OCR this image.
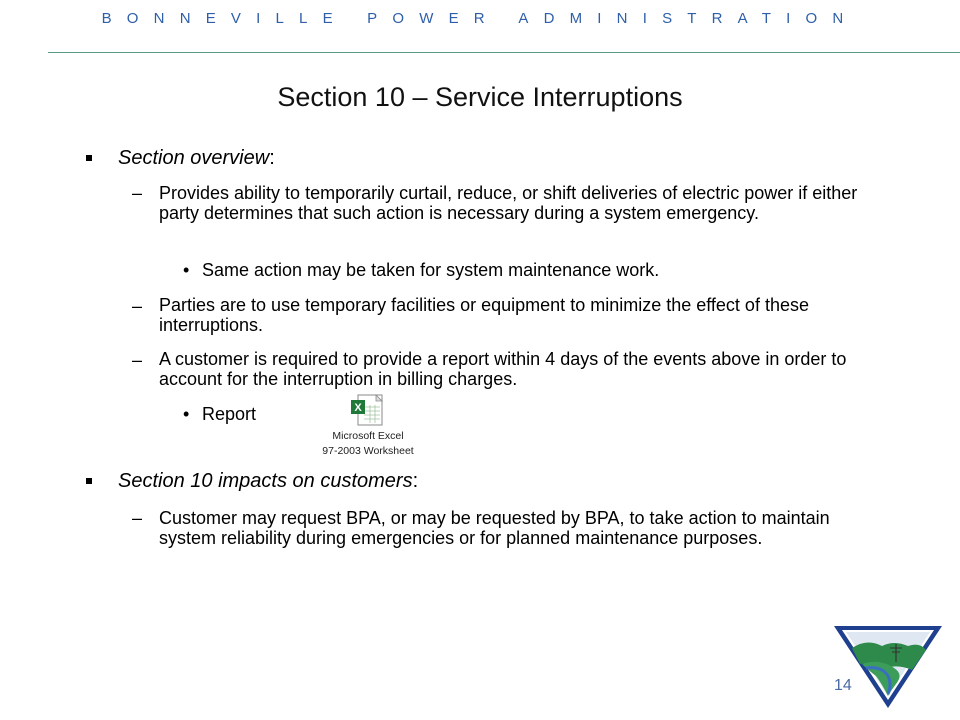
BONNEVILLE POWER ADMINISTRATION
Section 10 – Service Interruptions
Section overview:
– Provides ability to temporarily curtail, reduce, or shift deliveries of electric power if either party determines that such action is necessary during a system emergency.
• Same action may be taken for system maintenance work.
– Parties are to use temporary facilities or equipment to minimize the effect of these interruptions.
– A customer is required to provide a report within 4 days of the events above in order to account for the interruption in billing charges.
• Report	X
Microsoft Excel
97-2003 Worksheet
Section 10 impacts on customers:
– Customer may request BPA, or may be requested by BPA, to take action to maintain system reliability during emergencies or for planned maintenance purposes.
14
